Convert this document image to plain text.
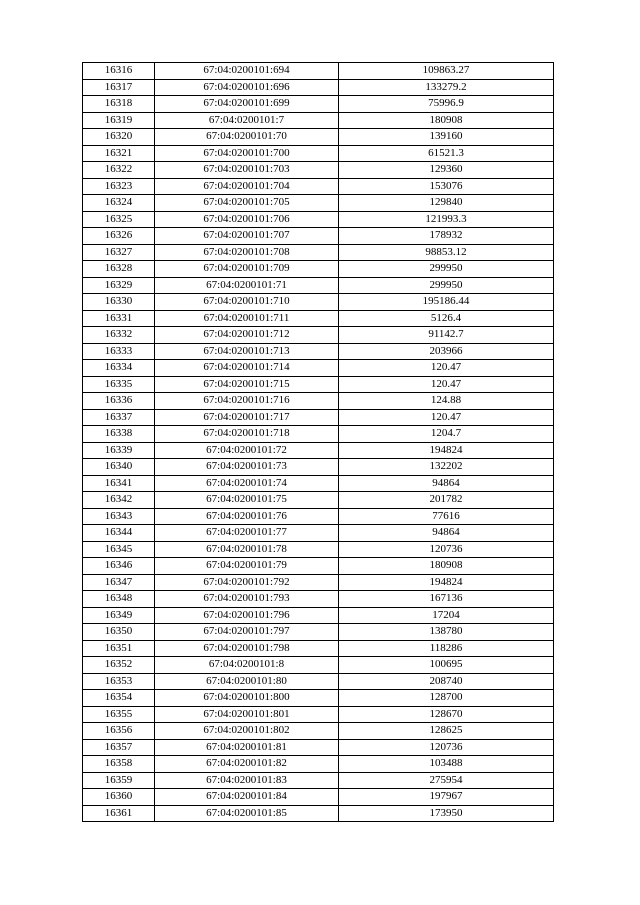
16316	67:04:0200101:694	109863.27
16317	67:04:0200101:696	133279.2
16318	67:04:0200101:699	75996.9
16319	67:04:0200101:7	180908
16320	67:04:0200101:70	139160
16321	67:04:0200101:700	61521.3
16322	67:04:0200101:703	129360
16323	67:04:0200101:704	153076
16324	67:04:0200101:705	129840
16325	67:04:0200101:706	121993.3
16326	67:04:0200101:707	178932
16327	67:04:0200101:708	98853.12
16328	67:04:0200101:709	299950
16329	67:04:0200101:71	299950
16330	67:04:0200101:710	195186.44
16331	67:04:0200101:711	5126.4
16332	67:04:0200101:712	91142.7
16333	67:04:0200101:713	203966
16334	67:04:0200101:714	120.47
16335	67:04:0200101:715	120.47
16336	67:04:0200101:716	124.88
16337	67:04:0200101:717	120.47
16338	67:04:0200101:718	1204.7
16339	67:04:0200101:72	194824
16340	67:04:0200101:73	132202
16341	67:04:0200101:74	94864
16342	67:04:0200101:75	201782
16343	67:04:0200101:76	77616
16344	67:04:0200101:77	94864
16345	67:04:0200101:78	120736
16346	67:04:0200101:79	180908
16347	67:04:0200101:792	194824
16348	67:04:0200101:793	167136
16349	67:04:0200101:796	17204
16350	67:04:0200101:797	138780
16351	67:04:0200101:798	118286
16352	67:04:0200101:8	100695
16353	67:04:0200101:80	208740
16354	67:04:0200101:800	128700
16355	67:04:0200101:801	128670
16356	67:04:0200101:802	128625
16357	67:04:0200101:81	120736
16358	67:04:0200101:82	103488
16359	67:04:0200101:83	275954
16360	67:04:0200101:84	197967
16361	67:04:0200101:85	173950
